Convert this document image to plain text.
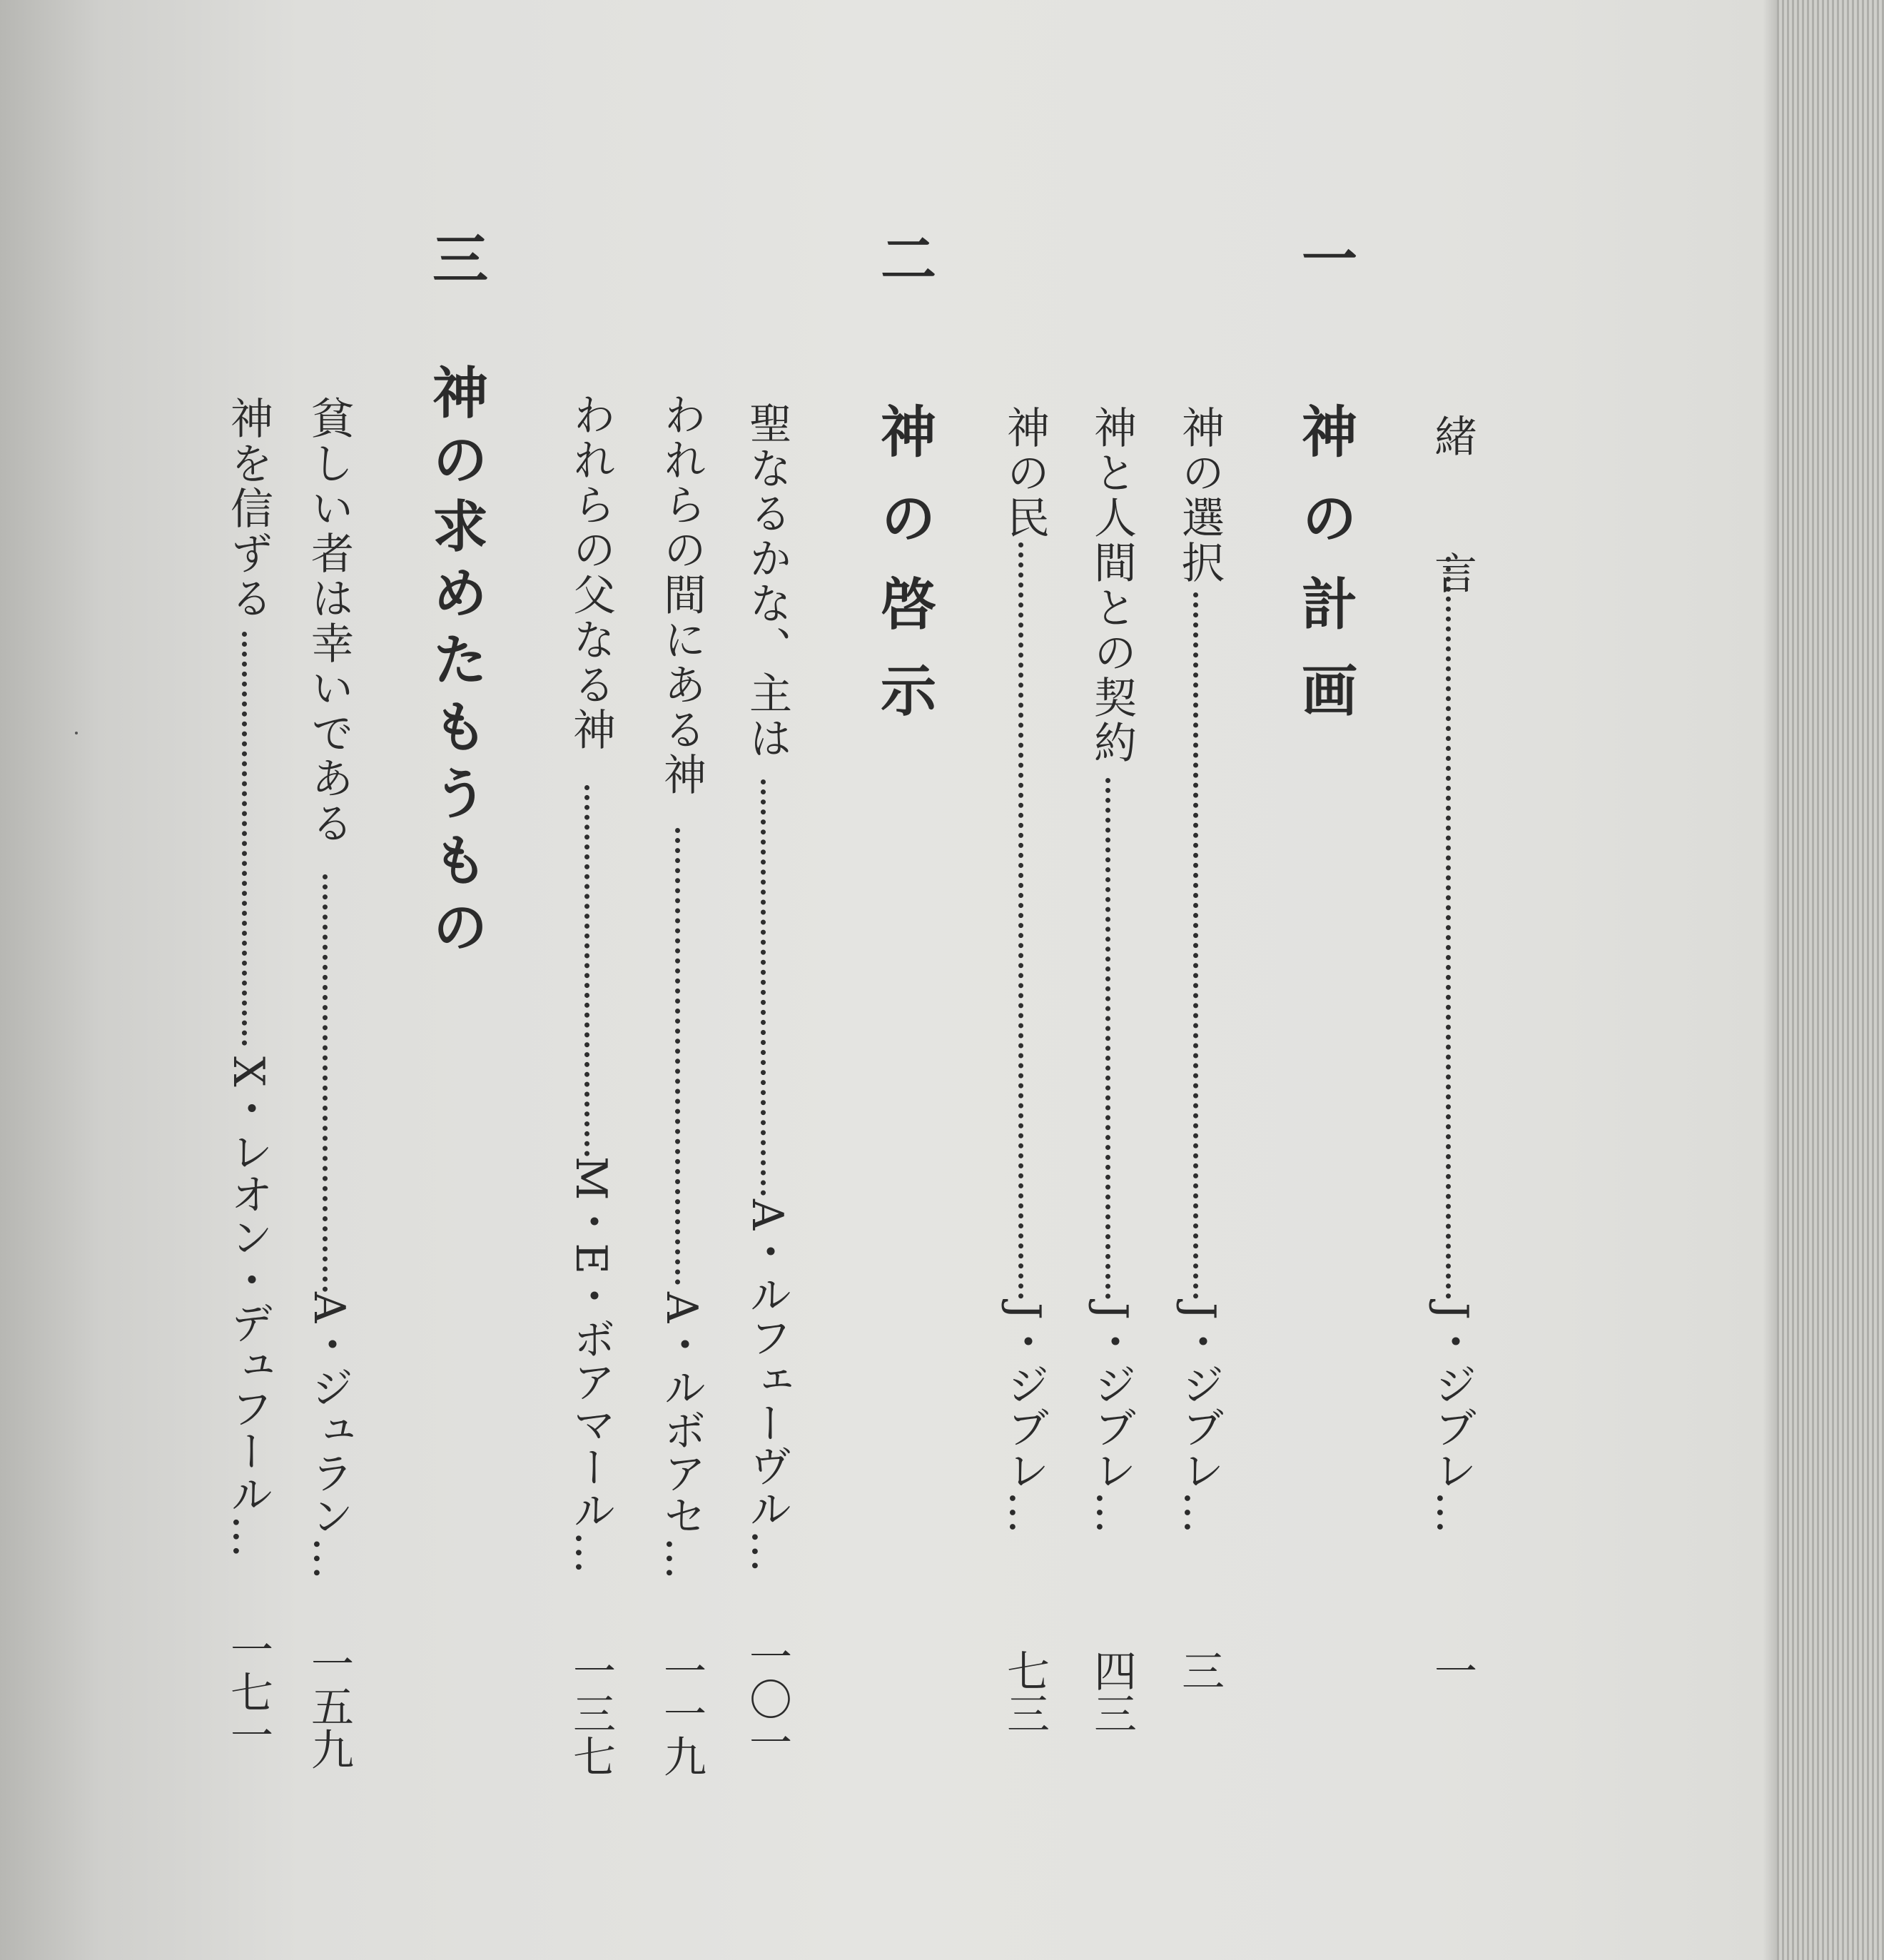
緒　言
J・ジブレ…
一
一　神の計画
神の選択
J・ジブレ…
三
神と人間との契約
J・ジブレ…
四三
神の民
J・ジブレ…
七三
二　神の啓示
聖なるかな、主は
A・ルフェーヴル…
一〇一
われらの間にある神
A・ルボアセ…
一一九
われらの父なる神
M・E・ボアマール…
一三七
三　神の求めたもうもの
貧しい者は幸いである
A・ジュラン…
一五九
神を信ずる
X・レオン・デュフール…
一七一
